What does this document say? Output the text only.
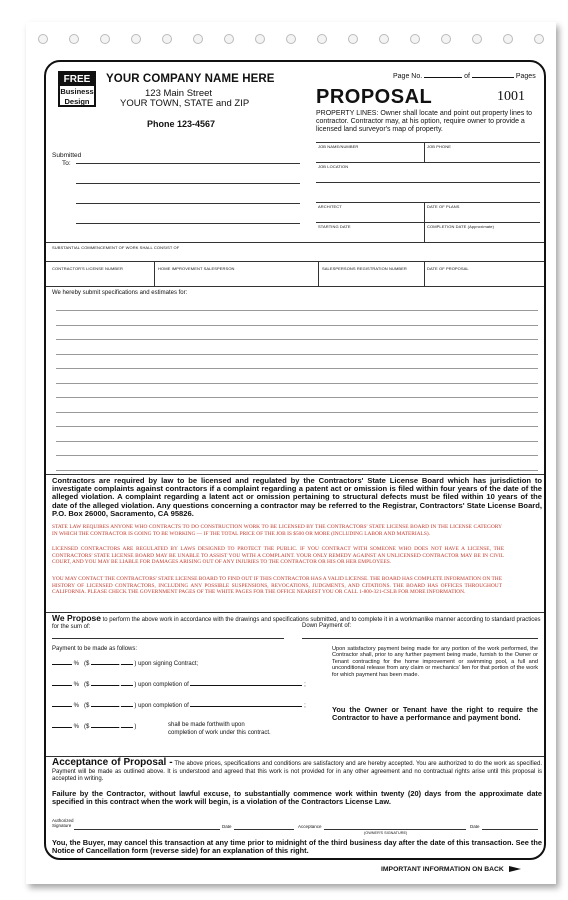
FREE
Business
Design
YOUR COMPANY NAME HERE
123 Main Street
YOUR TOWN, STATE and ZIP
Phone 123-4567
Page No.	of	Pages
PROPOSAL	1001
PROPERTY LINES: Owner shall locate and point out property lines to contractor. Contractor may, at his option, require owner to provide a licensed land surveyor's map of property.
Submitted
To:
JOB NAME/NUMBER	JOB PHONE
JOB LOCATION
ARCHITECT	DATE OF PLANS
STARTING DATE	COMPLETION DATE (Approximate)
SUBSTANTIAL COMMENCEMENT OF WORK SHALL CONSIST OF
CONTRACTOR'S LICENSE NUMBER	HOME IMPROVEMENT SALESPERSON	SALESPERSONS REGISTRATION NUMBER	DATE OF PROPOSAL
We hereby submit specifications and estimates for:
Contractors are required by law to be licensed and regulated by the Contractors' State License Board which has jurisdiction to investigate complaints against contractors if a complaint regarding a patent act or omission is filed within four years of the date of the alleged violation. A complaint regarding a latent act or omission pertaining to structural defects must be filed within 10 years of the date of the alleged violation. Any questions concerning a contractor may be referred to the Registrar, Contractors' State License Board, P.O. Box 26000, Sacramento, CA 95826.
STATE LAW REQUIRES ANYONE WHO CONTRACTS TO DO CONSTRUCTION WORK TO BE LICENSED BY THE CONTRACTORS' STATE LICENSE BOARD IN THE LICENSE CATEGORY IN WHICH THE CONTRACTOR IS GOING TO BE WORKING — IF THE TOTAL PRICE OF THE JOB IS $500 OR MORE (INCLUDING LABOR AND MATERIALS).
LICENSED CONTRACTORS ARE REGULATED BY LAWS DESIGNED TO PROTECT THE PUBLIC. IF YOU CONTRACT WITH SOMEONE WHO DOES NOT HAVE A LICENSE, THE CONTRACTORS' STATE LICENSE BOARD MAY BE UNABLE TO ASSIST YOU WITH A COMPLAINT. YOUR ONLY REMEDY AGAINST AN UNLICENSED CONTRACTOR MAY BE IN CIVIL COURT, AND YOU MAY BE LIABLE FOR DAMAGES ARISING OUT OF ANY INJURIES TO THE CONTRACTOR OR HIS OR HER EMPLOYEES.
YOU MAY CONTACT THE CONTRACTORS' STATE LICENSE BOARD TO FIND OUT IF THIS CONTRACTOR HAS A VALID LICENSE. THE BOARD HAS COMPLETE INFORMATION ON THE HISTORY OF LICENSED CONTRACTORS, INCLUDING ANY POSSIBLE SUSPENSIONS, REVOCATIONS, JUDGMENTS, AND CITATIONS. THE BOARD HAS OFFICES THROUGHOUT CALIFORNIA. PLEASE CHECK THE GOVERNMENT PAGES OF THE WHITE PAGES FOR THE OFFICE NEAREST YOU OR CALL 1-800-321-CSLB FOR MORE INFORMATION.
We Propose to perform the above work in accordance with the drawings and specifications submitted, and to complete it in a workmanlike manner according to standard practices for the sum of:	Down Payment of:
Payment to be made as follows:
% ($	. ) upon signing Contract;
% ($	. ) upon completion of	;
% ($	. ) upon completion of	;
% ($	. )	shall be made forthwith upon
completion of work under this contract.
Upon satisfactory payment being made for any portion of the work performed, the Contractor shall, prior to any further payment being made, furnish to the Owner or Tenant contracting for the home improvement or swimming pool, a full and unconditional release from any claim or mechanics' lien for that portion of the work for which payment has been made.
You the Owner or Tenant have the right to require the Contractor to have a performance and payment bond.
Acceptance of Proposal - The above prices, specifications and conditions are satisfactory and are hereby accepted. You are authorized to do the work as specified. Payment will be made as outlined above. It is understood and agreed that this work is not provided for in any other agreement and no contractual rights arise until this proposal is accepted in writing.
Failure by the Contractor, without lawful excuse, to substantially commence work within twenty (20) days from the approximate date specified in this contract when the work will begin, is a violation of the Contractors License Law.
Authorized
Signature	Date	Acceptance
(OWNER'S SIGNATURE)
Date
You, the Buyer, may cancel this transaction at any time prior to midnight of the third business day after the date of this transaction. See the Notice of Cancellation form (reverse side) for an explanation of this right.
IMPORTANT INFORMATION ON BACK
